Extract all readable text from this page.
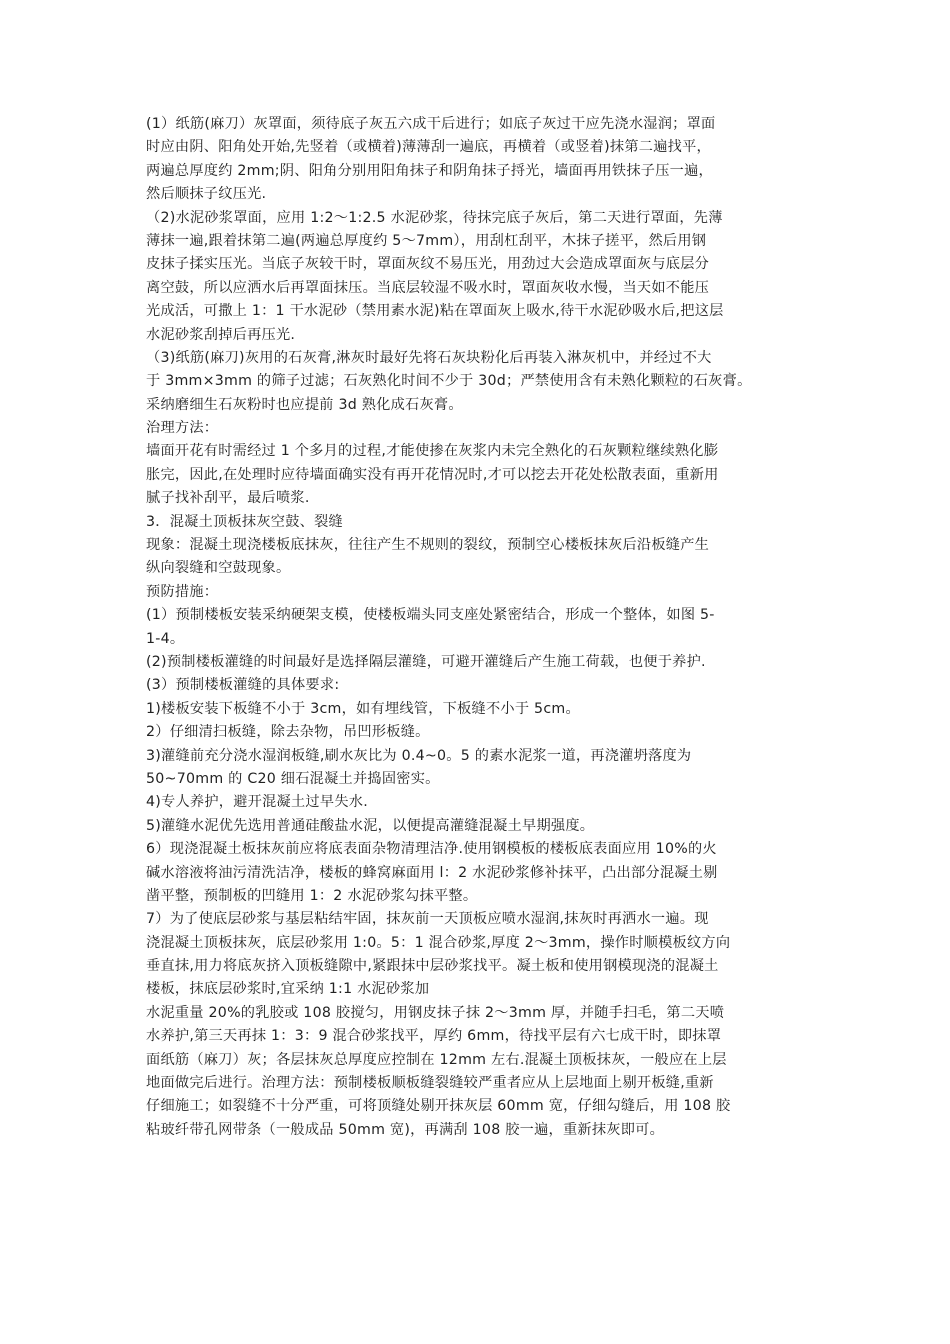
(1）纸筋(麻刀）灰罩面，须待底子灰五六成干后进行；如底子灰过干应先浇水湿润；罩面
时应由阴、阳角处开始,先竖着（或横着)薄薄刮一遍底，再横着（或竖着)抹第二遍找平，
两遍总厚度约 2mm;阴、阳角分别用阳角抹子和阴角抹子捋光，墙面再用铁抹子压一遍，
然后顺抹子纹压光.
（2)水泥砂浆罩面，应用 1:2～1:2.5 水泥砂浆，待抹完底子灰后，第二天进行罩面，先薄
薄抹一遍,跟着抹第二遍(两遍总厚度约 5～7mm），用刮杠刮平，木抹子搓平，然后用钢
皮抹子揉实压光。当底子灰较干时，罩面灰纹不易压光，用劲过大会造成罩面灰与底层分
离空鼓，所以应洒水后再罩面抹压。当底层较湿不吸水时，罩面灰收水慢，当天如不能压
光成活，可撒上 1：1 干水泥砂（禁用素水泥)粘在罩面灰上吸水,待干水泥砂吸水后,把这层
水泥砂浆刮掉后再压光.
（3)纸筋(麻刀)灰用的石灰膏,淋灰时最好先将石灰块粉化后再装入淋灰机中，并经过不大
于 3mm×3mm 的筛子过滤；石灰熟化时间不少于 30d；严禁使用含有未熟化颗粒的石灰膏。
采纳磨细生石灰粉时也应提前 3d 熟化成石灰膏。
治理方法：
墙面开花有时需经过 1 个多月的过程,才能使掺在灰浆内未完全熟化的石灰颗粒继续熟化膨
胀完，因此,在处理时应待墙面确实没有再开花情况时,才可以挖去开花处松散表面，重新用
腻子找补刮平，最后喷浆.
3．混凝土顶板抹灰空鼓、裂缝
现象：混凝土现浇楼板底抹灰，往往产生不规则的裂纹，预制空心楼板抹灰后沿板缝产生
纵向裂缝和空鼓现象。
预防措施：
(1）预制楼板安装采纳硬架支模，使楼板端头同支座处紧密结合，形成一个整体，如图 5-
1-4。
(2)预制楼板灌缝的时间最好是选择隔层灌缝，可避开灌缝后产生施工荷载，也便于养护.
(3）预制楼板灌缝的具体要求:
1)楼板安装下板缝不小于 3cm，如有埋线管，下板缝不小于 5cm。
2）仔细清扫板缝，除去杂物，吊凹形板缝。
3)灌缝前充分浇水湿润板缝,刷水灰比为 0.4~0。5 的素水泥浆一道，再浇灌坍落度为
50~70mm 的 C20 细石混凝土并捣固密实。
4)专人养护，避开混凝土过早失水.
5)灌缝水泥优先选用普通硅酸盐水泥，以便提高灌缝混凝土早期强度。
6）现浇混凝土板抹灰前应将底表面杂物清理洁净.使用钢模板的楼板底表面应用 10%的火
碱水溶液将油污清洗洁净，楼板的蜂窝麻面用 l：2 水泥砂浆修补抹平，凸出部分混凝土剔
凿平整，预制板的凹缝用 1：2 水泥砂浆勾抹平整。
7）为了使底层砂浆与基层粘结牢固，抹灰前一天顶板应喷水湿润,抹灰时再洒水一遍。现
浇混凝土顶板抹灰，底层砂浆用 1:0。5：1 混合砂浆,厚度 2～3mm，操作时顺模板纹方向
垂直抹,用力将底灰挤入顶板缝隙中,紧跟抹中层砂浆找平。凝土板和使用钢模现浇的混凝土
楼板，抹底层砂浆时,宜采纳 1:1 水泥砂浆加
水泥重量 20%的乳胶或 108 胶搅匀，用钢皮抹子抹 2～3mm 厚，并随手扫毛，第二天喷
水养护,第三天再抹 1：3：9 混合砂浆找平，厚约 6mm，待找平层有六七成干时，即抹罩
面纸筋（麻刀）灰；各层抹灰总厚度应控制在 12mm 左右.混凝土顶板抹灰，一般应在上层
地面做完后进行。治理方法：预制楼板顺板缝裂缝较严重者应从上层地面上剔开板缝,重新
仔细施工；如裂缝不十分严重，可将顶缝处剔开抹灰层 60mm 宽，仔细勾缝后，用 108 胶
粘玻纤带孔网带条（一般成品 50mm 宽)，再满刮 108 胶一遍，重新抹灰即可。
